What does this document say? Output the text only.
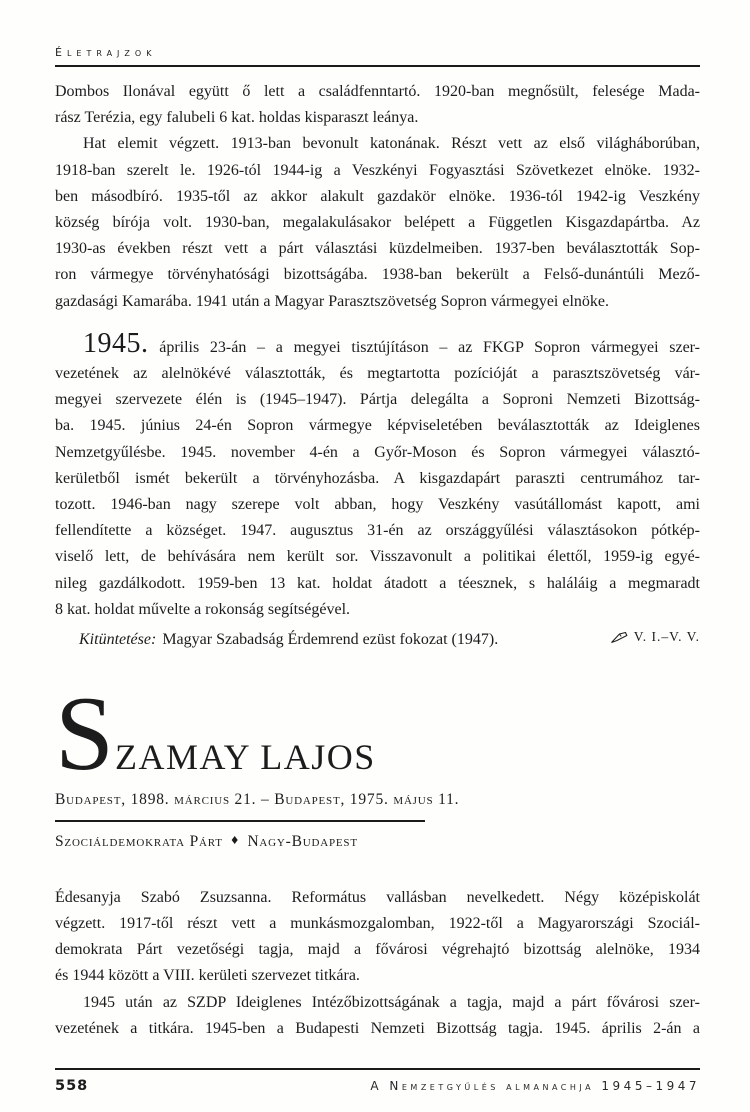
Életrajzok
Dombos Ilonával együtt ő lett a családfenntartó. 1920-ban megnősült, felesége Mada-
rász Terézia, egy falubeli 6 kat. holdas kisparaszt leánya.
Hat elemit végzett. 1913-ban bevonult katonának. Részt vett az első világháborúban,
1918-ban szerelt le. 1926-tól 1944-ig a Veszkényi Fogyasztási Szövetkezet elnöke. 1932-
ben másodbíró. 1935-től az akkor alakult gazdakör elnöke. 1936-tól 1942-ig Veszkény
község bírója volt. 1930-ban, megalakulásakor belépett a Független Kisgazdapártba. Az
1930-as években részt vett a párt választási küzdelmeiben. 1937-ben beválasztották Sop-
ron vármegye törvényhatósági bizottságába. 1938-ban bekerült a Felső-dunántúli Mező-
gazdasági Kamarába. 1941 után a Magyar Parasztszövetség Sopron vármegyei elnöke.
1945. április 23-án – a megyei tisztújításon – az FKGP Sopron vármegyei szer-
vezetének az alelnökévé választották, és megtartotta pozícióját a parasztszövetség vár-
megyei szervezete élén is (1945–1947). Pártja delegálta a Soproni Nemzeti Bizottság-
ba. 1945. június 24-én Sopron vármegye képviseletében beválasztották az Ideiglenes
Nemzetgyűlésbe. 1945. november 4-én a Győr-Moson és Sopron vármegyei választó-
kerületből ismét bekerült a törvényhozásba. A kisgazdapárt paraszti centrumához tar-
tozott. 1946-ban nagy szerepe volt abban, hogy Veszkény vasútállomást kapott, ami
fellendítette a községet. 1947. augusztus 31-én az országgyűlési választásokon pótkép-
viselő lett, de behívására nem került sor. Visszavonult a politikai élettől, 1959-ig egyé-
nileg gazdálkodott. 1959-ben 13 kat. holdat átadott a téesznek, s haláláig a megmaradt
8 kat. holdat művelte a rokonság segítségével.
Kitüntetése: Magyar Szabadság Érdemrend ezüst fokozat (1947).	V. I.–V. V.
S ZAMAY LAJOS
Budapest, 1898. március 21. – Budapest, 1975. május 11.
Szociáldemokrata Párt ♦ Nagy-Budapest
Édesanyja Szabó Zsuzsanna. Református vallásban nevelkedett. Négy középiskolát
végzett. 1917-től részt vett a munkásmozgalomban, 1922-től a Magyarországi Szociál-
demokrata Párt vezetőségi tagja, majd a fővárosi végrehajtó bizottság alelnöke, 1934
és 1944 között a VIII. kerületi szervezet titkára.
1945 után az SZDP Ideiglenes Intézőbizottságának a tagja, majd a párt fővárosi szer-
vezetének a titkára. 1945-ben a Budapesti Nemzeti Bizottság tagja. 1945. április 2-án a
558	A Nemzetgyűlés almanachja 1945–1947
